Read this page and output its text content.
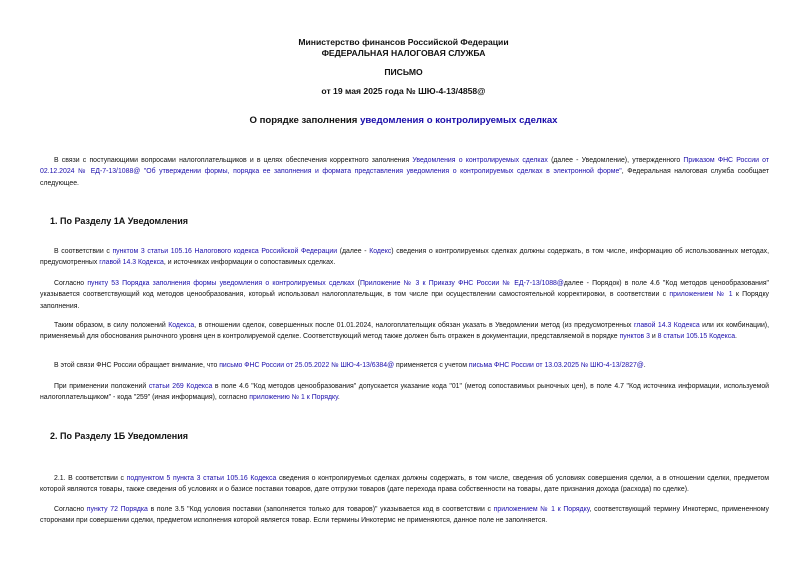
Министерство финансов Российской Федерации

ФЕДЕРАЛЬНАЯ НАЛОГОВАЯ СЛУЖБА

ПИСЬМО

от 19 мая 2025 года № ШЮ-4-13/4858@

О порядке заполнения уведомления о контролируемых сделках

В связи с поступающими вопросами налогоплательщиков и в целях обеспечения корректного заполнения Уведомления о контролируемых сделках (далее - Уведомление), утвержденного Приказом ФНС России от 02.12.2024 № ЕД-7-13/1088@ "Об утверждении формы, порядка ее заполнения и формата представления уведомления о контролируемых сделках в электронной форме", Федеральная налоговая служба сообщает следующее.

1. По Разделу 1А Уведомления

В соответствии с пунктом 3 статьи 105.16 Налогового кодекса Российской Федерации (далее - Кодекс) сведения о контролируемых сделках должны содержать, в том числе, информацию об использованных методах, предусмотренных главой 14.3 Кодекса, и источниках информации о сопоставимых сделках.

Согласно пункту 53 Порядка заполнения формы уведомления о контролируемых сделках (Приложение № 3 к Приказу ФНС России № ЕД-7-13/1088@далее - Порядок) в поле 4.6 "Код методов ценообразования" указывается соответствующий код методов ценообразования, который использовал налогоплательщик, в том числе при осуществлении самостоятельной корректировки, в соответствии с приложением № 1 к Порядку заполнения.

Таким образом, в силу положений Кодекса, в отношении сделок, совершенных после 01.01.2024, налогоплательщик обязан указать в Уведомлении метод (из предусмотренных главой 14.3 Кодекса или их комбинации), применяемый для обоснования рыночного уровня цен в контролируемой сделке. Соответствующий метод также должен быть отражен в документации, представляемой в порядке пунктов 3 и 8 статьи 105.15 Кодекса.

В этой связи ФНС России обращает внимание, что письмо ФНС России от 25.05.2022 № ШЮ-4-13/6384@ применяется с учетом письма ФНС России от 13.03.2025 № ШЮ-4-13/2827@.

При применении положений статьи 269 Кодекса в поле 4.6 "Код методов ценообразования" допускается указание кода "01" (метод сопоставимых рыночных цен), в поле 4.7 "Код источника информации, используемой налогоплательщиком" - кода "259" (иная информация), согласно приложению № 1 к Порядку.

2. По Разделу 1Б Уведомления

2.1. В соответствии с подпунктом 5 пункта 3 статьи 105.16 Кодекса сведения о контролируемых сделках должны содержать, в том числе, сведения об условиях совершения сделки, а в отношении сделки, предметом которой являются товары, также сведения об условиях и о базисе поставки товаров, дате отгрузки товаров (дате перехода права собственности на товары, дате признания дохода (расхода) по сделке).

Согласно пункту 72 Порядка в поле 3.5 "Код условия поставки (заполняется только для товаров)" указывается код в соответствии с приложением № 1 к Порядку, соответствующий термину Инкотермс, примененному сторонами при совершении сделки, предметом исполнения которой является товар. Если термины Инкотермс не применяются, данное поле не заполняется.
